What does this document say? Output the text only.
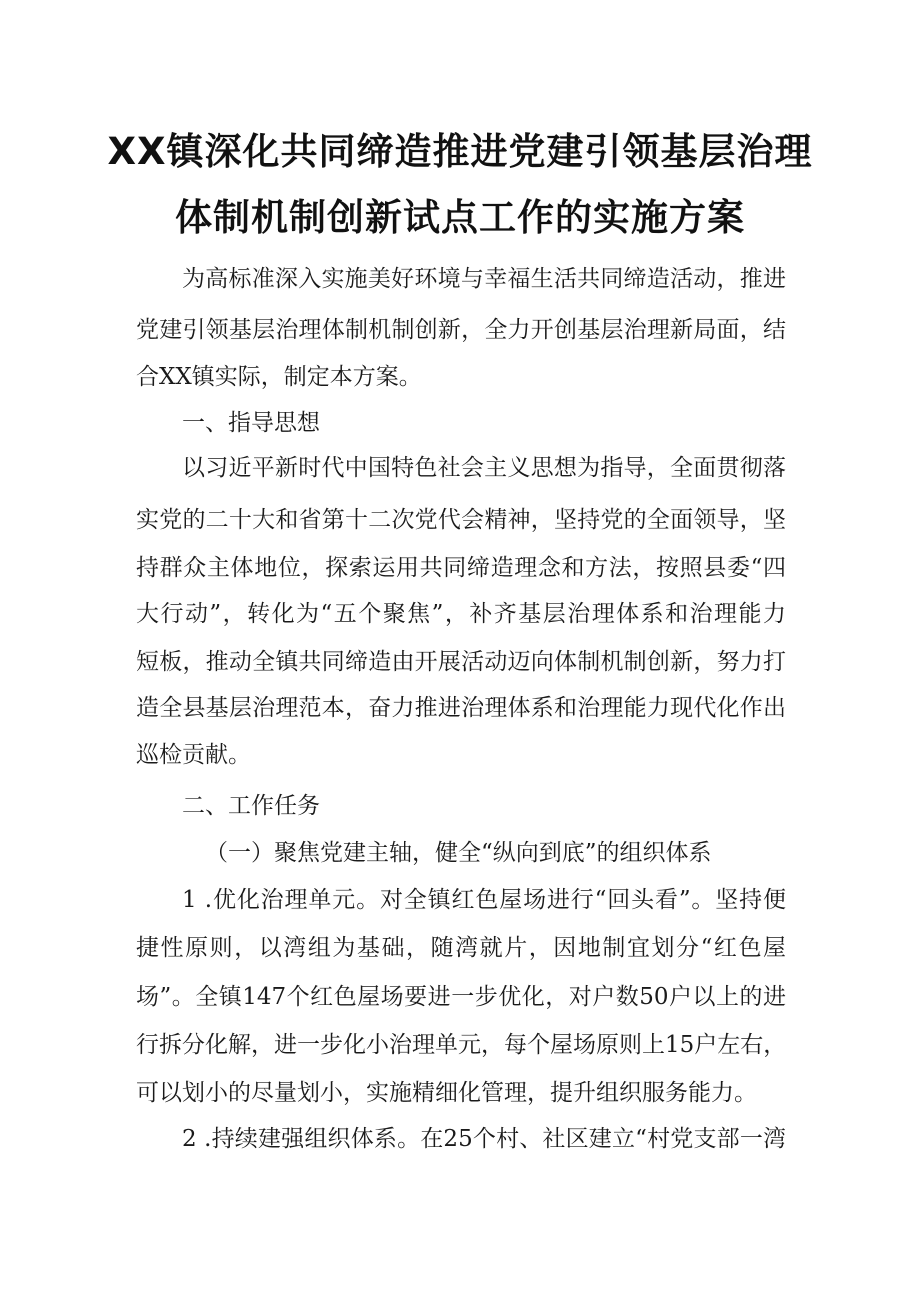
XX镇深化共同缔造推进党建引领基层治理
体制机制创新试点工作的实施方案
为高标准深入实施美好环境与幸福生活共同缔造活动，推进
党建引领基层治理体制机制创新，全力开创基层治理新局面，结
合XX镇实际，制定本方案。
一、指导思想
以习近平新时代中国特色社会主义思想为指导，全面贯彻落
实党的二十大和省第十二次党代会精神，坚持党的全面领导，坚
持群众主体地位，探索运用共同缔造理念和方法，按照县委“四
大行动”，转化为“五个聚焦”，补齐基层治理体系和治理能力
短板，推动全镇共同缔造由开展活动迈向体制机制创新，努力打
造全县基层治理范本，奋力推进治理体系和治理能力现代化作出
巡检贡献。
二、工作任务
（一）聚焦党建主轴，健全“纵向到底”的组织体系
1 .优化治理单元。对全镇红色屋场进行“回头看”。坚持便
捷性原则，以湾组为基础，随湾就片，因地制宜划分“红色屋
场”。全镇147个红色屋场要进一步优化，对户数50户以上的进
行拆分化解，进一步化小治理单元，每个屋场原则上15户左右，
可以划小的尽量划小，实施精细化管理，提升组织服务能力。
2 .持续建强组织体系。在25个村、社区建立“村党支部一湾
